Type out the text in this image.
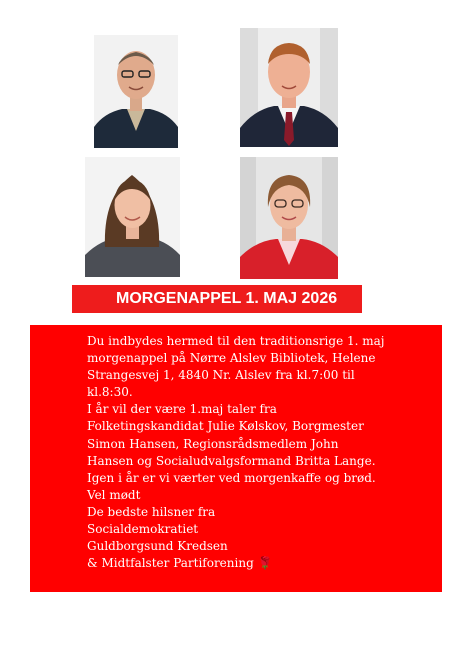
MORGENAPPEL 1. MAJ 2026
Du indbydes hermed til den traditionsrige 1. maj
morgenappel på Nørre Alslev Bibliotek, Helene
Strangesvej 1, 4840 Nr. Alslev fra kl.7:00 til
kl.8:30.
I år vil der være 1.maj taler fra
Folketingskandidat Julie Kølskov, Borgmester
Simon Hansen, Regionsrådsmedlem John
Hansen og Socialudvalgsformand Britta Lange.
Igen i år er vi værter ved morgenkaffe og brød.
Vel mødt
De bedste hilsner fra
Socialdemokratiet
Guldborgsund Kredsen
& Midtfalster Partiforening 🌹
